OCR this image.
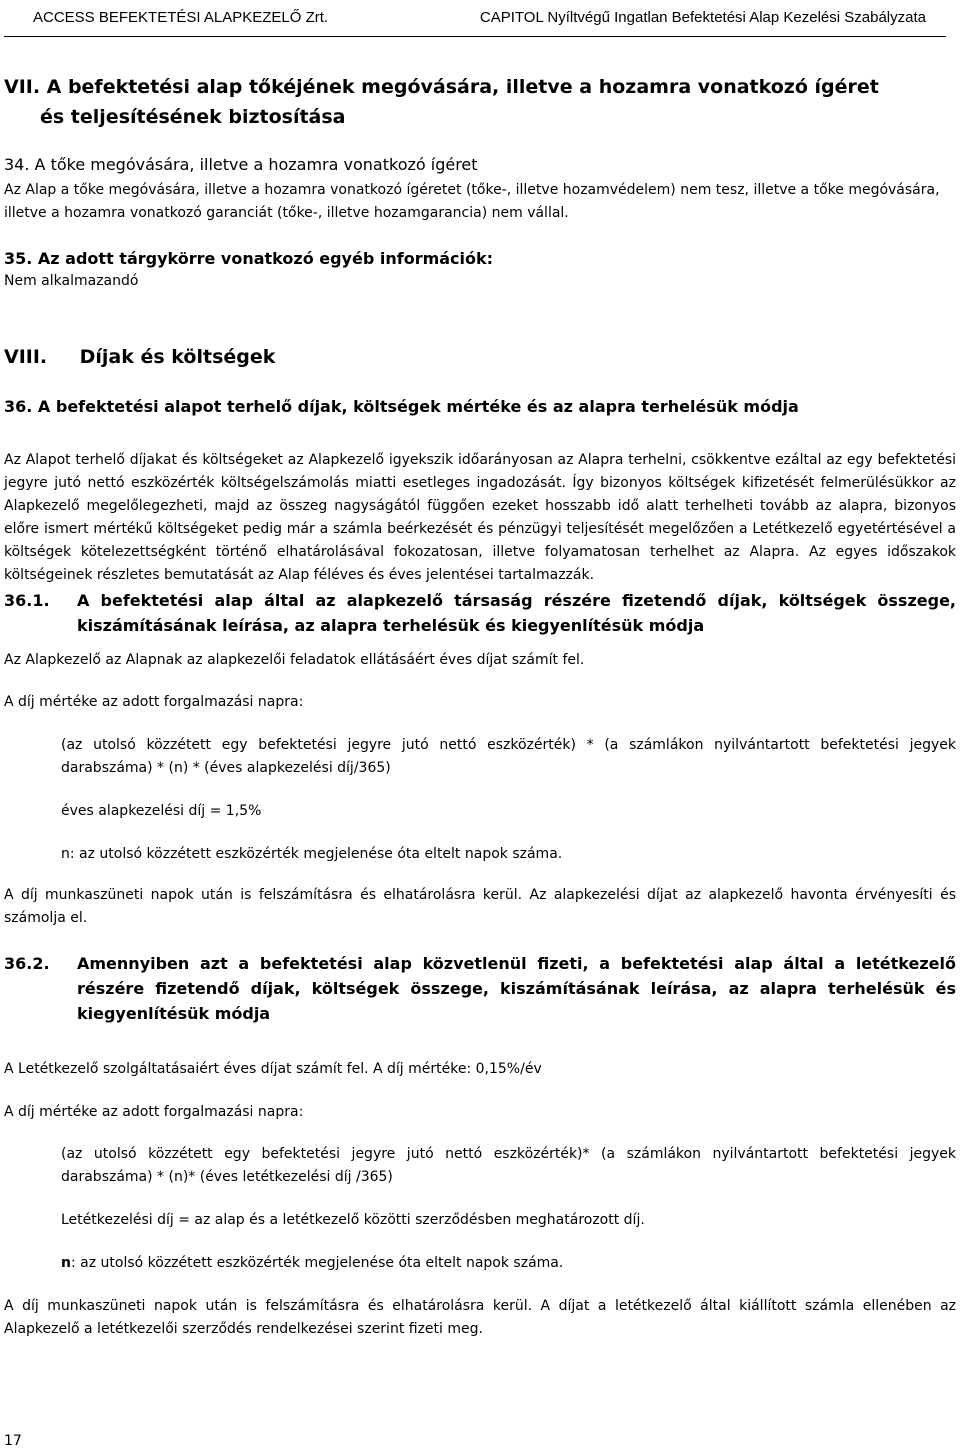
ACCESS BEFEKTETÉSI ALAPKEZELŐ Zrt.	CAPITOL Nyíltvégű Ingatlan Befektetési Alap Kezelési Szabályzata
VII. A befektetési alap tőkéjének megóvására, illetve a hozamra vonatkozó ígéret
és teljesítésének biztosítása
34. A tőke megóvására, illetve a hozamra vonatkozó ígéret
Az Alap a tőke megóvására, illetve a hozamra vonatkozó ígéretet (tőke-, illetve hozamvédelem) nem tesz, illetve a tőke megóvására, illetve a hozamra vonatkozó garanciát (tőke-, illetve hozamgarancia) nem vállal.
35. Az adott tárgykörre vonatkozó egyéb információk:
Nem alkalmazandó
VIII. Díjak és költségek
36. A befektetési alapot terhelő díjak, költségek mértéke és az alapra terhelésük módja
Az Alapot terhelő díjakat és költségeket az Alapkezelő igyekszik időarányosan az Alapra terhelni, csökkentve ezáltal az egy befektetési jegyre jutó nettó eszközérték költségelszámolás miatti esetleges ingadozását. Így bizonyos költségek kifizetését felmerülésükkor az Alapkezelő megelőlegezheti, majd az összeg nagyságától függően ezeket hosszabb idő alatt terhelheti tovább az alapra, bizonyos előre ismert mértékű költségeket pedig már a számla beérkezését és pénzügyi teljesítését megelőzően a Letétkezelő egyetértésével a költségek kötelezettségként történő elhatárolásával fokozatosan, illetve folyamatosan terhelhet az Alapra. Az egyes időszakok költségeinek részletes bemutatását az Alap féléves és éves jelentései tartalmazzák.
36.1. A befektetési alap által az alapkezelő társaság részére fizetendő díjak, költségek összege, kiszámításának leírása, az alapra terhelésük és kiegyenlítésük módja
Az Alapkezelő az Alapnak az alapkezelői feladatok ellátásáért éves díjat számít fel.
A díj mértéke az adott forgalmazási napra:
(az utolsó közzétett egy befektetési jegyre jutó nettó eszközérték) * (a számlákon nyilvántartott befektetési jegyek darabszáma) * (n) * (éves alapkezelési díj/365)
éves alapkezelési díj = 1,5%
n: az utolsó közzétett eszközérték megjelenése óta eltelt napok száma.
A díj munkaszüneti napok után is felszámításra és elhatárolásra kerül. Az alapkezelési díjat az alapkezelő havonta érvényesíti és számolja el.
36.2. Amennyiben azt a befektetési alap közvetlenül fizeti, a befektetési alap által a letétkezelő részére fizetendő díjak, költségek összege, kiszámításának leírása, az alapra terhelésük és kiegyenlítésük módja
A Letétkezelő szolgáltatásaiért éves díjat számít fel. A díj mértéke: 0,15%/év
A díj mértéke az adott forgalmazási napra:
(az utolsó közzétett egy befektetési jegyre jutó nettó eszközérték)* (a számlákon nyilvántartott befektetési jegyek darabszáma) * (n)* (éves letétkezelési díj /365)
Letétkezelési díj = az alap és a letétkezelő közötti szerződésben meghatározott díj.
n: az utolsó közzétett eszközérték megjelenése óta eltelt napok száma.
A díj munkaszüneti napok után is felszámításra és elhatárolásra kerül. A díjat a letétkezelő által kiállított számla ellenében az Alapkezelő a letétkezelői szerződés rendelkezései szerint fizeti meg.
17
